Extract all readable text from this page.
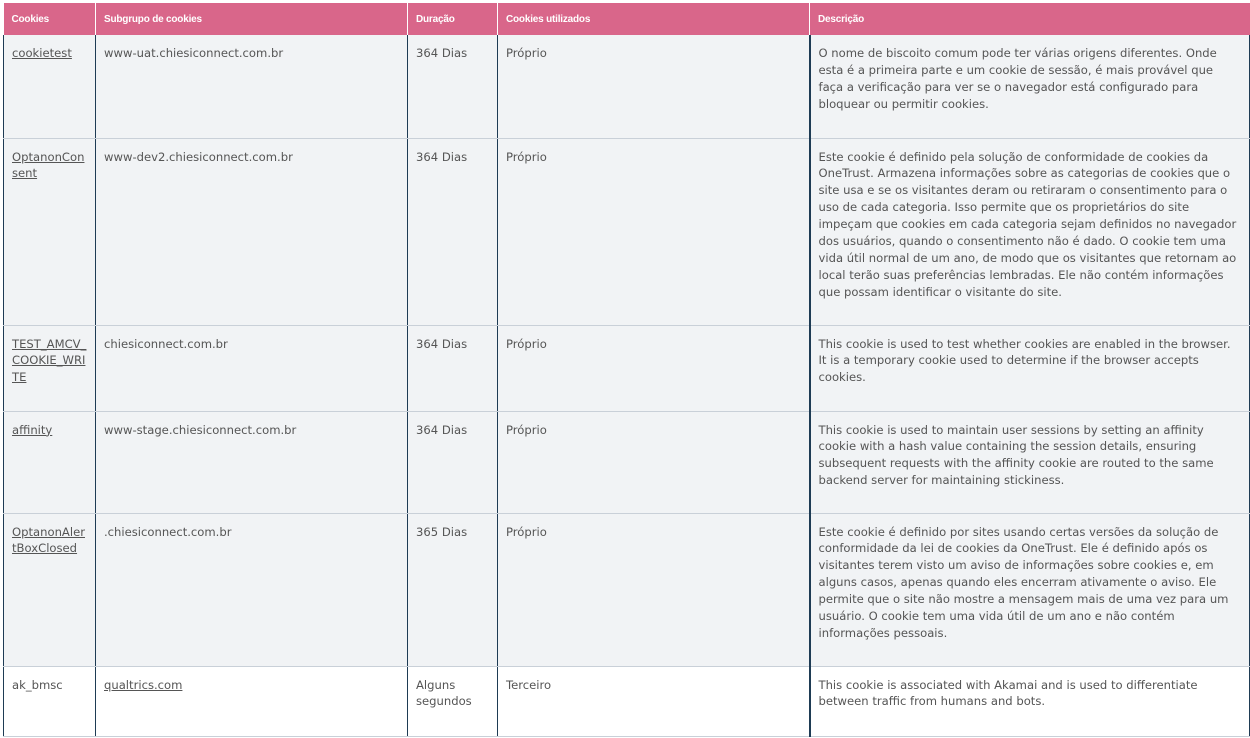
Cookies	Subgrupo de cookies	Duração	Cookies utilizados	Descrição
cookietest	www-uat.chiesiconnect.com.br	364 Dias	Próprio	O nome de biscoito comum pode ter várias origens diferentes. Onde esta é a primeira parte e um cookie de sessão, é mais provável que faça a verificação para ver se o navegador está configurado para bloquear ou permitir cookies.
OptanonConsent	www-dev2.chiesiconnect.com.br	364 Dias	Próprio	Este cookie é definido pela solução de conformidade de cookies da OneTrust. Armazena informações sobre as categorias de cookies que o site usa e se os visitantes deram ou retiraram o consentimento para o uso de cada categoria. Isso permite que os proprietários do site impeçam que cookies em cada categoria sejam definidos no navegador dos usuários, quando o consentimento não é dado. O cookie tem uma vida útil normal de um ano, de modo que os visitantes que retornam ao local terão suas preferências lembradas. Ele não contém informações que possam identificar o visitante do site.
TEST_AMCV_COOKIE_WRITE	chiesiconnect.com.br	364 Dias	Próprio	This cookie is used to test whether cookies are enabled in the browser. It is a temporary cookie used to determine if the browser accepts cookies.
affinity	www-stage.chiesiconnect.com.br	364 Dias	Próprio	This cookie is used to maintain user sessions by setting an affinity cookie with a hash value containing the session details, ensuring subsequent requests with the affinity cookie are routed to the same backend server for maintaining stickiness.
OptanonAlertBoxClosed	.chiesiconnect.com.br	365 Dias	Próprio	Este cookie é definido por sites usando certas versões da solução de conformidade da lei de cookies da OneTrust. Ele é definido após os visitantes terem visto um aviso de informações sobre cookies e, em alguns casos, apenas quando eles encerram ativamente o aviso. Ele permite que o site não mostre a mensagem mais de uma vez para um usuário. O cookie tem uma vida útil de um ano e não contém informações pessoais.
ak_bmsc	qualtrics.com	Alguns segundos	Terceiro	This cookie is associated with Akamai and is used to differentiate between traffic from humans and bots.
